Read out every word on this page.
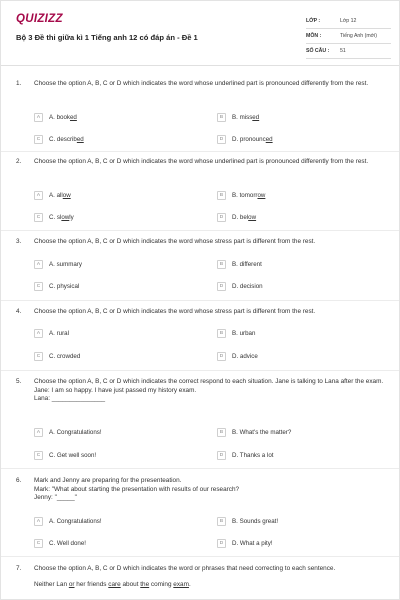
QUIZIZZ
Bộ 3 Đề thi giữa kì 1 Tiếng anh 12 có đáp án - Đề 1
LỚP :	Lớp 12
MÔN :	Tiếng Anh (mới)
SỐ CÂU :	51
1. Choose the option A, B, C or D which indicates the word whose underlined part is pronounced differently from the rest.
A	A. booked	B	B. missed
C	C. described	D	D. pronounced
2. Choose the option A, B, C or D which indicates the word whose underlined part is pronounced differently from the rest.
A	A. allow	B	B. tomorrow
C	C. slowly	D	D. below
3. Choose the option A, B, C or D which indicates the word whose stress part is different from the rest.
A	A. summary	B	B. different
C	C. physical	D	D. decision
4. Choose the option A, B, C or D which indicates the word whose stress part is different from the rest.
A	A. rural	B	B. urban
C	C. crowded	D	D. advice
5. Choose the option A, B, C or D which indicates the correct respond to each situation. Jane is talking to Lana after the exam.
Jane: I am so happy. I have just passed my history exam.
Lana: _______________
A	A. Congratulations!	B	B. What's the matter?
C	C. Get well soon!	D	D. Thanks a lot
6. Mark and Jenny are preparing for the presenteation.
Mark: "What about starting the presentation with results of our research?
Jenny: "_____"
A	A. Congratulations!	B	B. Sounds great!
C	C. Well done!	D	D. What a pity!
7. Choose the option A, B, C or D which indicates the word or phrases that need correcting to each sentence.
Neither Lan or her friends care about the coming exam.
